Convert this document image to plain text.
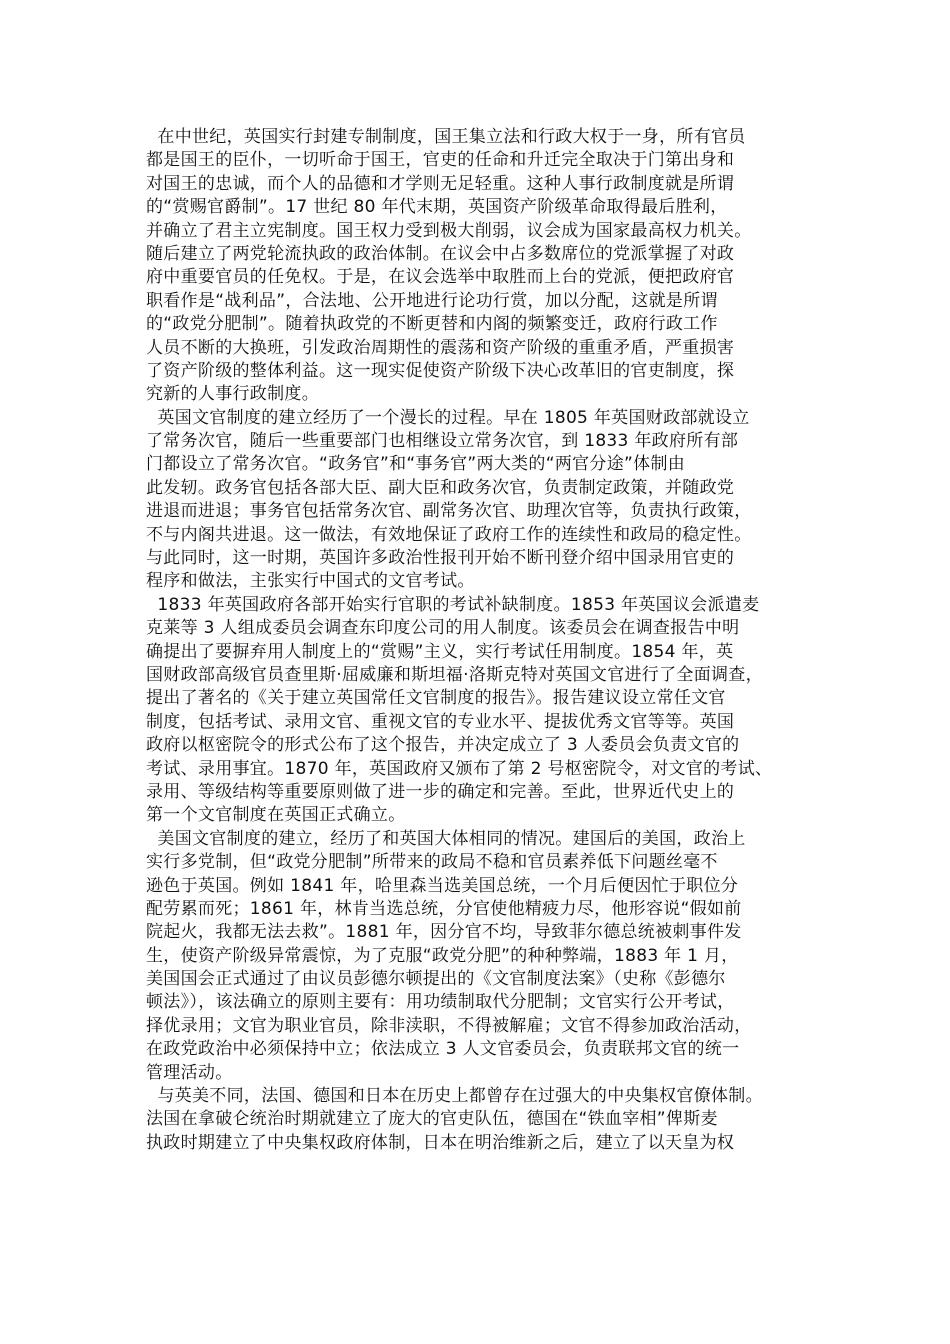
在中世纪，英国实行封建专制制度，国王集立法和行政大权于一身，所有官员
都是国王的臣仆，一切听命于国王，官吏的任命和升迁完全取决于门第出身和
对国王的忠诚，而个人的品德和才学则无足轻重。这种人事行政制度就是所谓
的“赏赐官爵制”。17 世纪 80 年代末期，英国资产阶级革命取得最后胜利，
并确立了君主立宪制度。国王权力受到极大削弱，议会成为国家最高权力机关。
随后建立了两党轮流执政的政治体制。在议会中占多数席位的党派掌握了对政
府中重要官员的任免权。于是，在议会选举中取胜而上台的党派，便把政府官
职看作是“战利品”，合法地、公开地进行论功行赏，加以分配，这就是所谓
的“政党分肥制”。随着执政党的不断更替和内阁的频繁变迁，政府行政工作
人员不断的大换班，引发政治周期性的震荡和资产阶级的重重矛盾，严重损害
了资产阶级的整体利益。这一现实促使资产阶级下决心改革旧的官吏制度，探
究新的人事行政制度。
英国文官制度的建立经历了一个漫长的过程。早在 1805 年英国财政部就设立
了常务次官，随后一些重要部门也相继设立常务次官，到 1833 年政府所有部
门都设立了常务次官。“政务官”和“事务官”两大类的“两官分途”体制由
此发轫。政务官包括各部大臣、副大臣和政务次官，负责制定政策，并随政党
进退而进退；事务官包括常务次官、副常务次官、助理次官等，负责执行政策，
不与内阁共进退。这一做法，有效地保证了政府工作的连续性和政局的稳定性。
与此同时，这一时期，英国许多政治性报刊开始不断刊登介绍中国录用官吏的
程序和做法，主张实行中国式的文官考试。
1833 年英国政府各部开始实行官职的考试补缺制度。1853 年英国议会派遣麦
克莱等 3 人组成委员会调查东印度公司的用人制度。该委员会在调查报告中明
确提出了要摒弃用人制度上的“赏赐”主义，实行考试任用制度。1854 年，英
国财政部高级官员查里斯·屈威廉和斯坦福·洛斯克特对英国文官进行了全面调查，
提出了著名的《关于建立英国常任文官制度的报告》。报告建议设立常任文官
制度，包括考试、录用文官、重视文官的专业水平、提拔优秀文官等等。英国
政府以枢密院令的形式公布了这个报告，并决定成立了 3 人委员会负责文官的
考试、录用事宜。1870 年，英国政府又颁布了第 2 号枢密院令，对文官的考试、
录用、等级结构等重要原则做了进一步的确定和完善。至此，世界近代史上的
第一个文官制度在英国正式确立。
美国文官制度的建立，经历了和英国大体相同的情况。建国后的美国，政治上
实行多党制，但“政党分肥制”所带来的政局不稳和官员素养低下问题丝毫不
逊色于英国。例如 1841 年，哈里森当选美国总统，一个月后便因忙于职位分
配劳累而死；1861 年，林肯当选总统，分官使他精疲力尽，他形容说“假如前
院起火，我都无法去救”。1881 年，因分官不均，导致菲尔德总统被刺事件发
生，使资产阶级异常震惊，为了克服“政党分肥”的种种弊端，1883 年 1 月，
美国国会正式通过了由议员彭德尔顿提出的《文官制度法案》（史称《彭德尔
顿法》），该法确立的原则主要有：用功绩制取代分肥制；文官实行公开考试，
择优录用；文官为职业官员，除非渎职，不得被解雇；文官不得参加政治活动，
在政党政治中必须保持中立；依法成立 3 人文官委员会，负责联邦文官的统一
管理活动。
与英美不同，法国、德国和日本在历史上都曾存在过强大的中央集权官僚体制。
法国在拿破仑统治时期就建立了庞大的官吏队伍，德国在“铁血宰相”俾斯麦
执政时期建立了中央集权政府体制，日本在明治维新之后，建立了以天皇为权
